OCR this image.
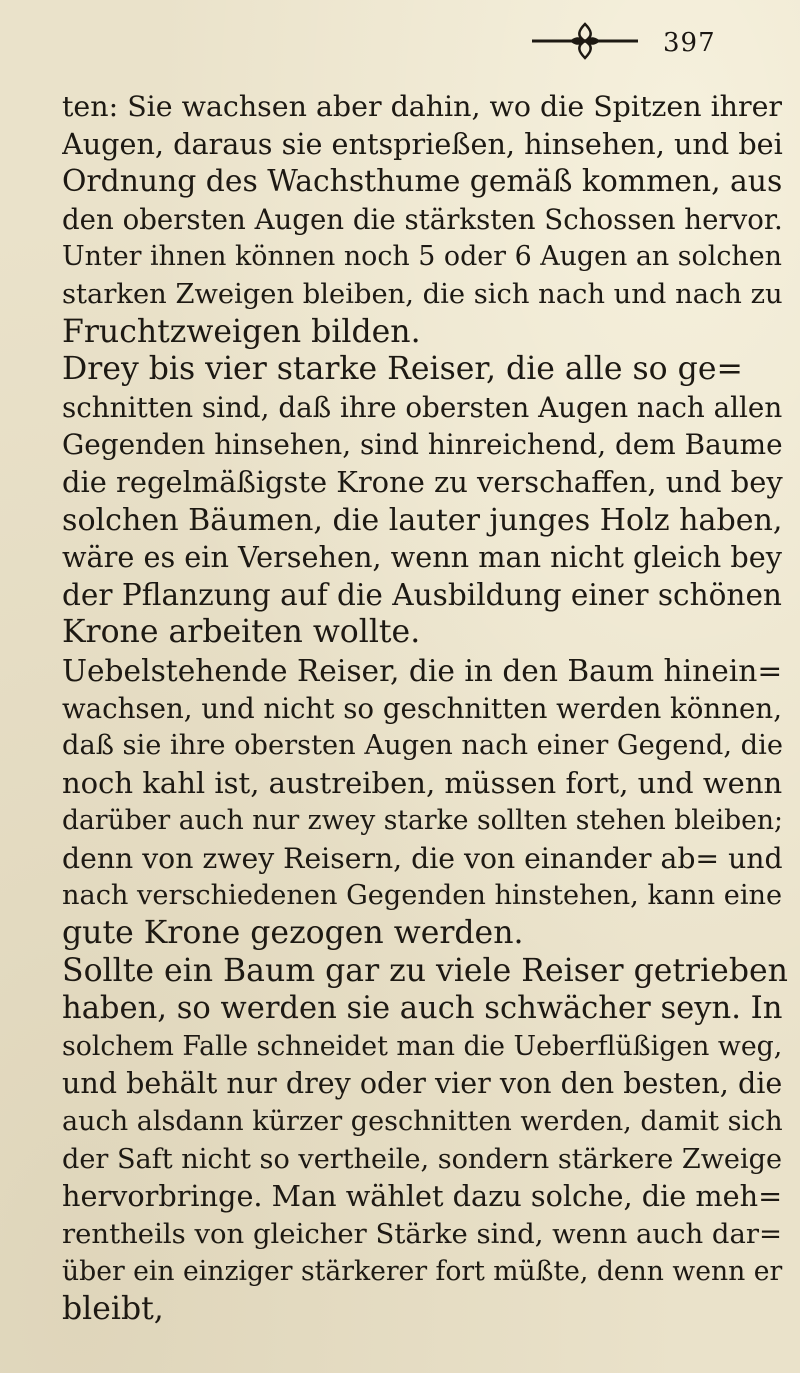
397
ten: Sie wachsen aber dahin, wo die Spitzen ihrer
Augen, daraus sie entsprießen, hinsehen, und bei
Ordnung des Wachsthume gemäß kommen, aus
den obersten Augen die stärksten Schossen hervor.
Unter ihnen können noch 5 oder 6 Augen an solchen
starken Zweigen bleiben, die sich nach und nach zu
Fruchtzweigen bilden.
Drey bis vier starke Reiser, die alle so ge=
schnitten sind, daß ihre obersten Augen nach allen
Gegenden hinsehen, sind hinreichend, dem Baume
die regelmäßigste Krone zu verschaffen, und bey
solchen Bäumen, die lauter junges Holz haben,
wäre es ein Versehen, wenn man nicht gleich bey
der Pflanzung auf die Ausbildung einer schönen
Krone arbeiten wollte.
Uebelstehende Reiser, die in den Baum hinein=
wachsen, und nicht so geschnitten werden können,
daß sie ihre obersten Augen nach einer Gegend, die
noch kahl ist, austreiben, müssen fort, und wenn
darüber auch nur zwey starke sollten stehen bleiben;
denn von zwey Reisern, die von einander ab= und
nach verschiedenen Gegenden hinstehen, kann eine
gute Krone gezogen werden.
Sollte ein Baum gar zu viele Reiser getrieben
haben, so werden sie auch schwächer seyn. In
solchem Falle schneidet man die Ueberflüßigen weg,
und behält nur drey oder vier von den besten, die
auch alsdann kürzer geschnitten werden, damit sich
der Saft nicht so vertheile, sondern stärkere Zweige
hervorbringe. Man wählet dazu solche, die meh=
rentheils von gleicher Stärke sind, wenn auch dar=
über ein einziger stärkerer fort müßte, denn wenn er
bleibt,
